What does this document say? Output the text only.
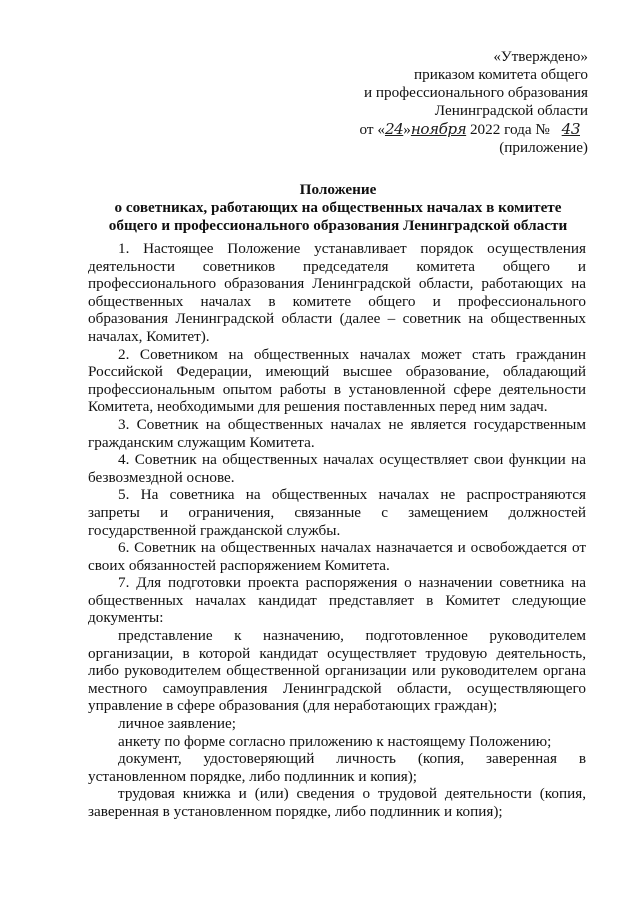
«Утверждено»
приказом комитета общего
и профессионального образования
Ленинградской области
от «24»ноября 2022 года № 43
(приложение)
Положение
о советниках, работающих на общественных началах в комитете
общего и профессионального образования Ленинградской области

1. Настоящее Положение устанавливает порядок осуществления деятельности советников председателя комитета общего и профессионального образования Ленинградской области, работающих на общественных началах в комитете общего и профессионального образования Ленинградской области (далее – советник на общественных началах, Комитет).

2. Советником на общественных началах может стать гражданин Российской Федерации, имеющий высшее образование, обладающий профессиональным опытом работы в установленной сфере деятельности Комитета, необходимыми для решения поставленных перед ним задач.

3. Советник на общественных началах не является государственным гражданским служащим Комитета.

4. Советник на общественных началах осуществляет свои функции на безвозмездной основе.

5. На советника на общественных началах не распространяются запреты и ограничения, связанные с замещением должностей государственной гражданской службы.

6. Советник на общественных началах назначается и освобождается от своих обязанностей распоряжением Комитета.

7. Для подготовки проекта распоряжения о назначении советника на общественных началах кандидат представляет в Комитет следующие документы:

представление к назначению, подготовленное руководителем организации, в которой кандидат осуществляет трудовую деятельность, либо руководителем общественной организации или руководителем органа местного самоуправления Ленинградской области, осуществляющего управление в сфере образования (для неработающих граждан);

личное заявление;

анкету по форме согласно приложению к настоящему Положению;

документ, удостоверяющий личность (копия, заверенная в установленном порядке, либо подлинник и копия);

трудовая книжка и (или) сведения о трудовой деятельности (копия, заверенная в установленном порядке, либо подлинник и копия);
